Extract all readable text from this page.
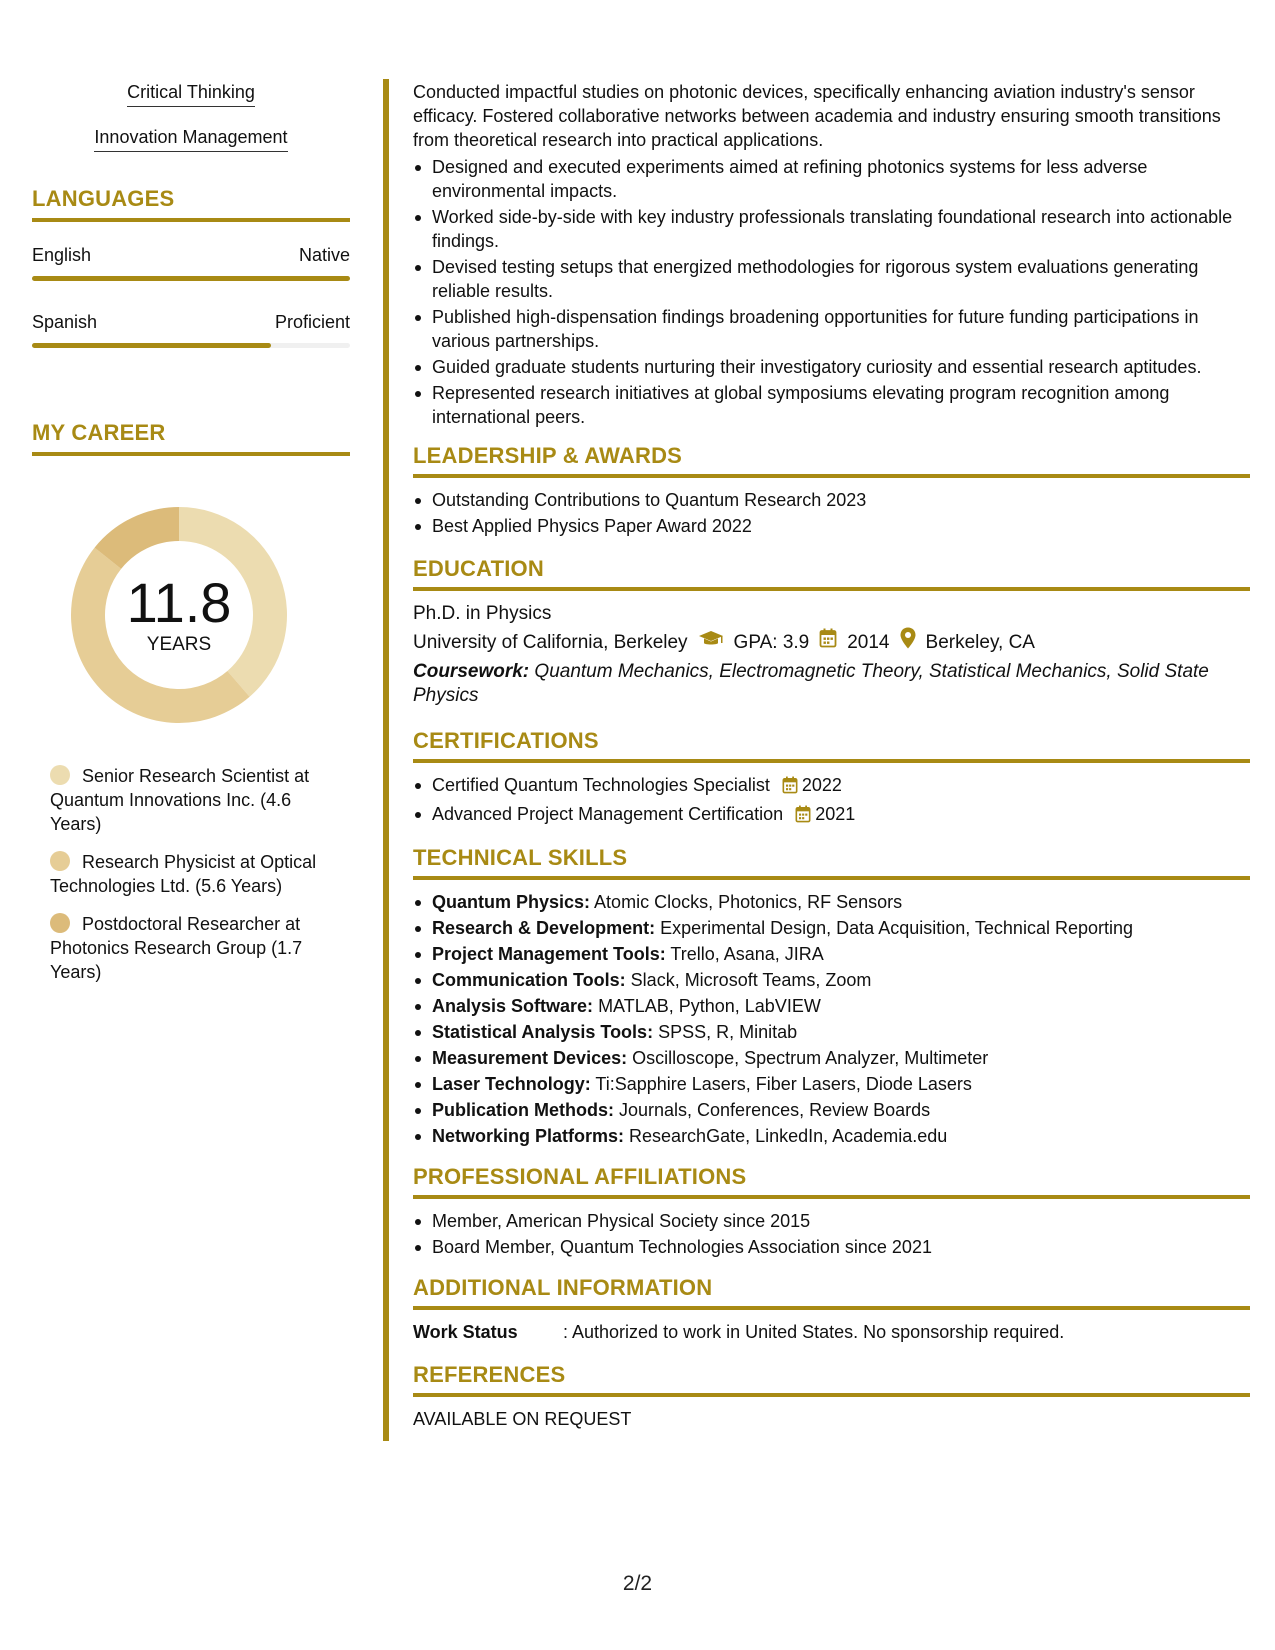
Critical Thinking
Innovation Management
LANGUAGES
English	Native
Spanish	Proficient
MY CAREER
11.8
YEARS
Senior Research Scientist at Quantum Innovations Inc. (4.6 Years)
Research Physicist at Optical Technologies Ltd. (5.6 Years)
Postdoctoral Researcher at Photonics Research Group (1.7 Years)

Conducted impactful studies on photonic devices, specifically enhancing aviation industry's sensor efficacy. Fostered collaborative networks between academia and industry ensuring smooth transitions from theoretical research into practical applications.

Designed and executed experiments aimed at refining photonics systems for less adverse environmental impacts.
Worked side-by-side with key industry professionals translating foundational research into actionable findings.
Devised testing setups that energized methodologies for rigorous system evaluations generating reliable results.
Published high-dispensation findings broadening opportunities for future funding participations in various partnerships.
Guided graduate students nurturing their investigatory curiosity and essential research aptitudes.
Represented research initiatives at global symposiums elevating program recognition among international peers.
LEADERSHIP & AWARDS
Outstanding Contributions to Quantum Research 2023
Best Applied Physics Paper Award 2022
EDUCATION
Ph.D. in Physics
University of California, Berkeley GPA: 3.9 2014 Berkeley, CA
Coursework: Quantum Mechanics, Electromagnetic Theory, Statistical Mechanics, Solid State Physics
CERTIFICATIONS
Certified Quantum Technologies Specialist 2022
Advanced Project Management Certification 2021
TECHNICAL SKILLS
Quantum Physics: Atomic Clocks, Photonics, RF Sensors
Research & Development: Experimental Design, Data Acquisition, Technical Reporting
Project Management Tools: Trello, Asana, JIRA
Communication Tools: Slack, Microsoft Teams, Zoom
Analysis Software: MATLAB, Python, LabVIEW
Statistical Analysis Tools: SPSS, R, Minitab
Measurement Devices: Oscilloscope, Spectrum Analyzer, Multimeter
Laser Technology: Ti:Sapphire Lasers, Fiber Lasers, Diode Lasers
Publication Methods: Journals, Conferences, Review Boards
Networking Platforms: ResearchGate, LinkedIn, Academia.edu
PROFESSIONAL AFFILIATIONS
Member, American Physical Society since 2015
Board Member, Quantum Technologies Association since 2021
ADDITIONAL INFORMATION
Work Status	: Authorized to work in United States. No sponsorship required.
REFERENCES
AVAILABLE ON REQUEST
2/2
